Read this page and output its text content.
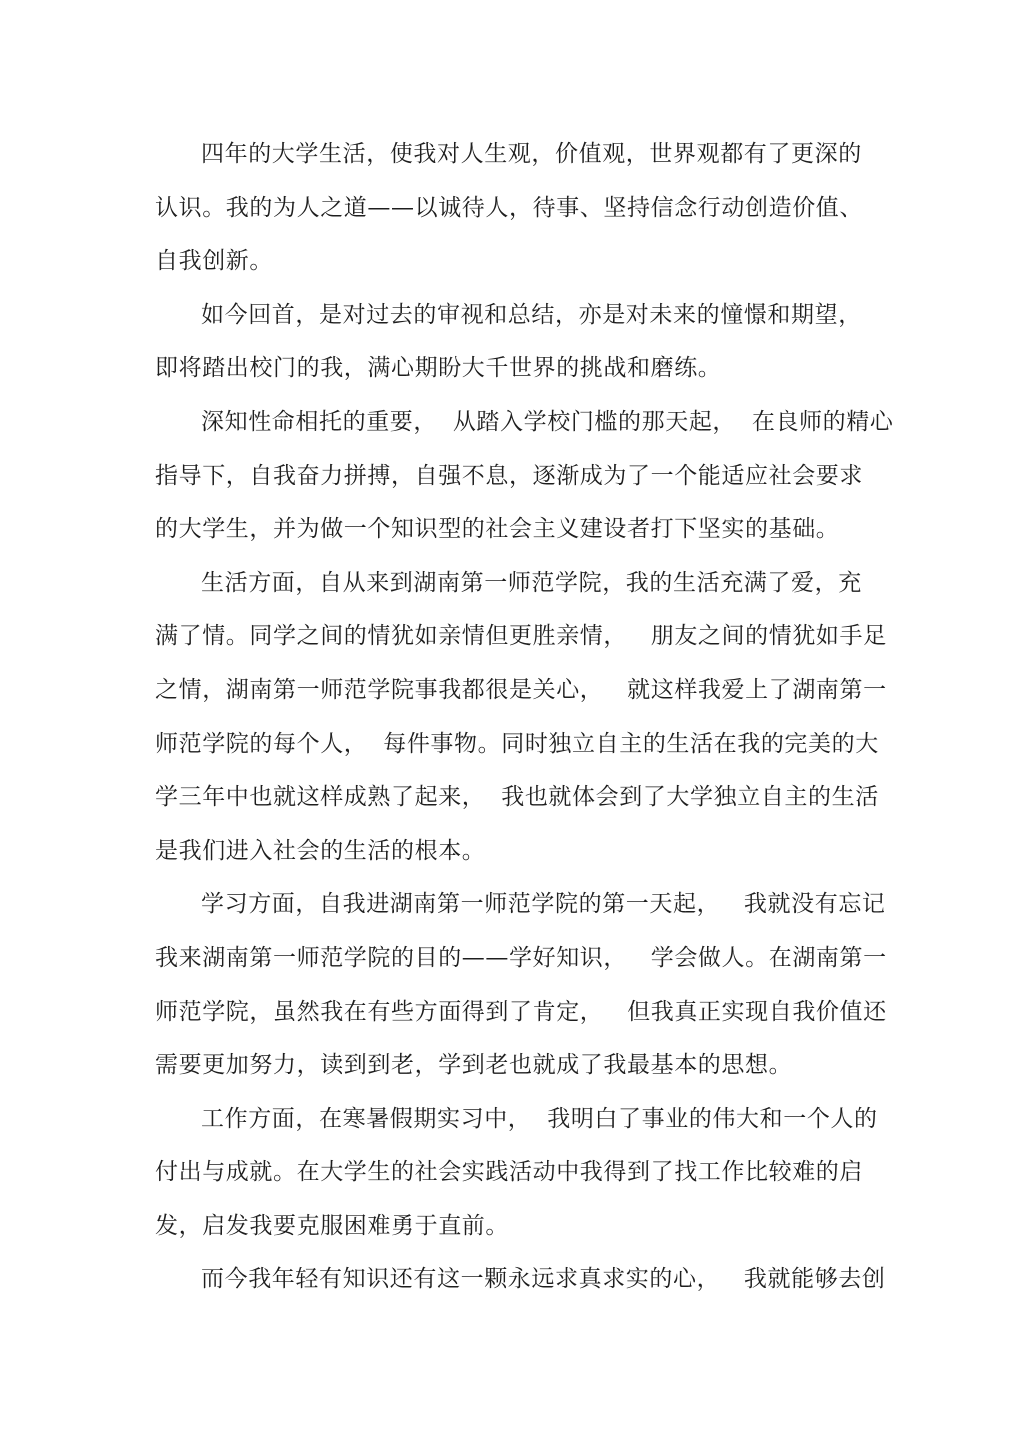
四年的大学生活，使我对人生观，价值观，世界观都有了更深的
认识。我的为人之道——以诚待人，待事、坚持信念行动创造价值、
自我创新。

如今回首，是对过去的审视和总结，亦是对未来的憧憬和期望，
即将踏出校门的我，满心期盼大千世界的挑战和磨练。

深知性命相托的重要，  从踏入学校门槛的那天起，  在良师的精心
指导下，自我奋力拼搏，自强不息，逐渐成为了一个能适应社会要求
的大学生，并为做一个知识型的社会主义建设者打下坚实的基础。

生活方面，自从来到湖南第一师范学院，我的生活充满了爱，充
满了情。同学之间的情犹如亲情但更胜亲情，   朋友之间的情犹如手足
之情，湖南第一师范学院事我都很是关心，   就这样我爱上了湖南第一
师范学院的每个人，  每件事物。同时独立自主的生活在我的完美的大
学三年中也就这样成熟了起来，  我也就体会到了大学独立自主的生活
是我们进入社会的生活的根本。

学习方面，自我进湖南第一师范学院的第一天起，   我就没有忘记
我来湖南第一师范学院的目的——学好知识，   学会做人。在湖南第一
师范学院，虽然我在有些方面得到了肯定，   但我真正实现自我价值还
需要更加努力，读到到老，学到老也就成了我最基本的思想。

工作方面，在寒暑假期实习中，  我明白了事业的伟大和一个人的
付出与成就。在大学生的社会实践活动中我得到了找工作比较难的启
发，启发我要克服困难勇于直前。

而今我年轻有知识还有这一颗永远求真求实的心，   我就能够去创
